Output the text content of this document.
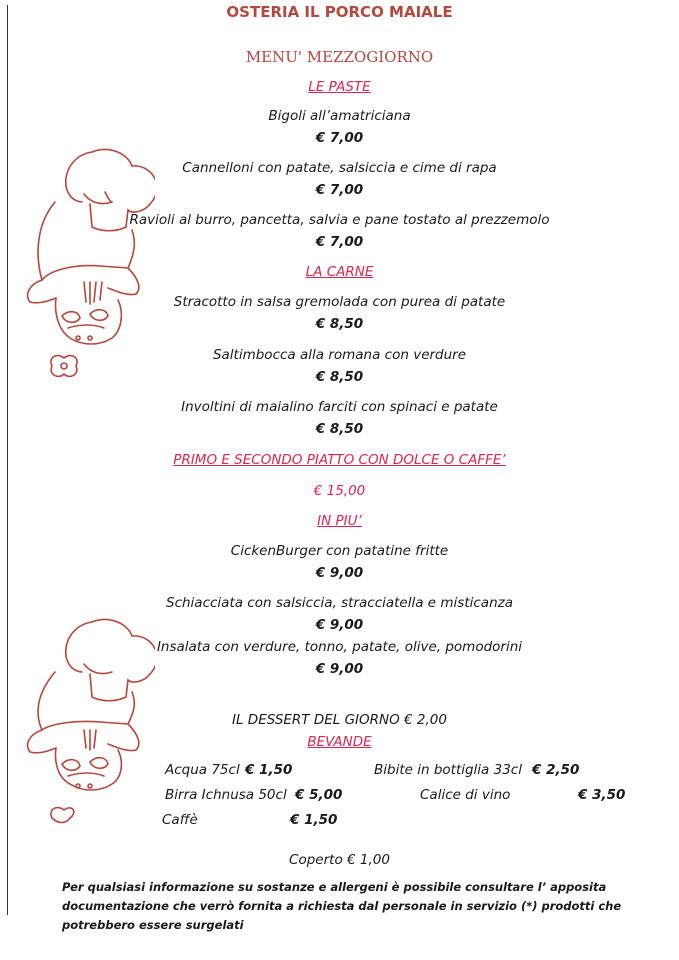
OSTERIA IL PORCO MAIALE
MENU' MEZZOGIORNO
LE PASTE
Bigoli all’amatriciana
€ 7,00
Cannelloni con patate, salsiccia e cime di rapa
€ 7,00
Ravioli al burro, pancetta, salvia e pane tostato al prezzemolo
€ 7,00
LA CARNE
Stracotto in salsa gremolada con purea di patate
€ 8,50
Saltimbocca alla romana con verdure
€ 8,50
Involtini di maialino farciti con spinaci e patate
€ 8,50
PRIMO E SECONDO PIATTO CON DOLCE O CAFFE’
€ 15,00
IN PIU’
CickenBurger con patatine fritte
€ 9,00
Schiacciata con salsiccia, stracciatella e misticanza
€ 9,00
Insalata con verdure, tonno, patate, olive, pomodorini
€ 9,00
IL DESSERT DEL GIORNO € 2,00
BEVANDE
Acqua 75cl € 1,50	Bibite in bottiglia 33cl € 2,50
Birra Ichnusa 50cl € 5,00	Calice di vino	€ 3,50
Caffè	€ 1,50
Coperto € 1,00
Per qualsiasi informazione su sostanze e allergeni è possibile consultare l’ apposita documentazione che verrò fornita a richiesta dal personale in servizio (*) prodotti che potrebbero essere surgelati
